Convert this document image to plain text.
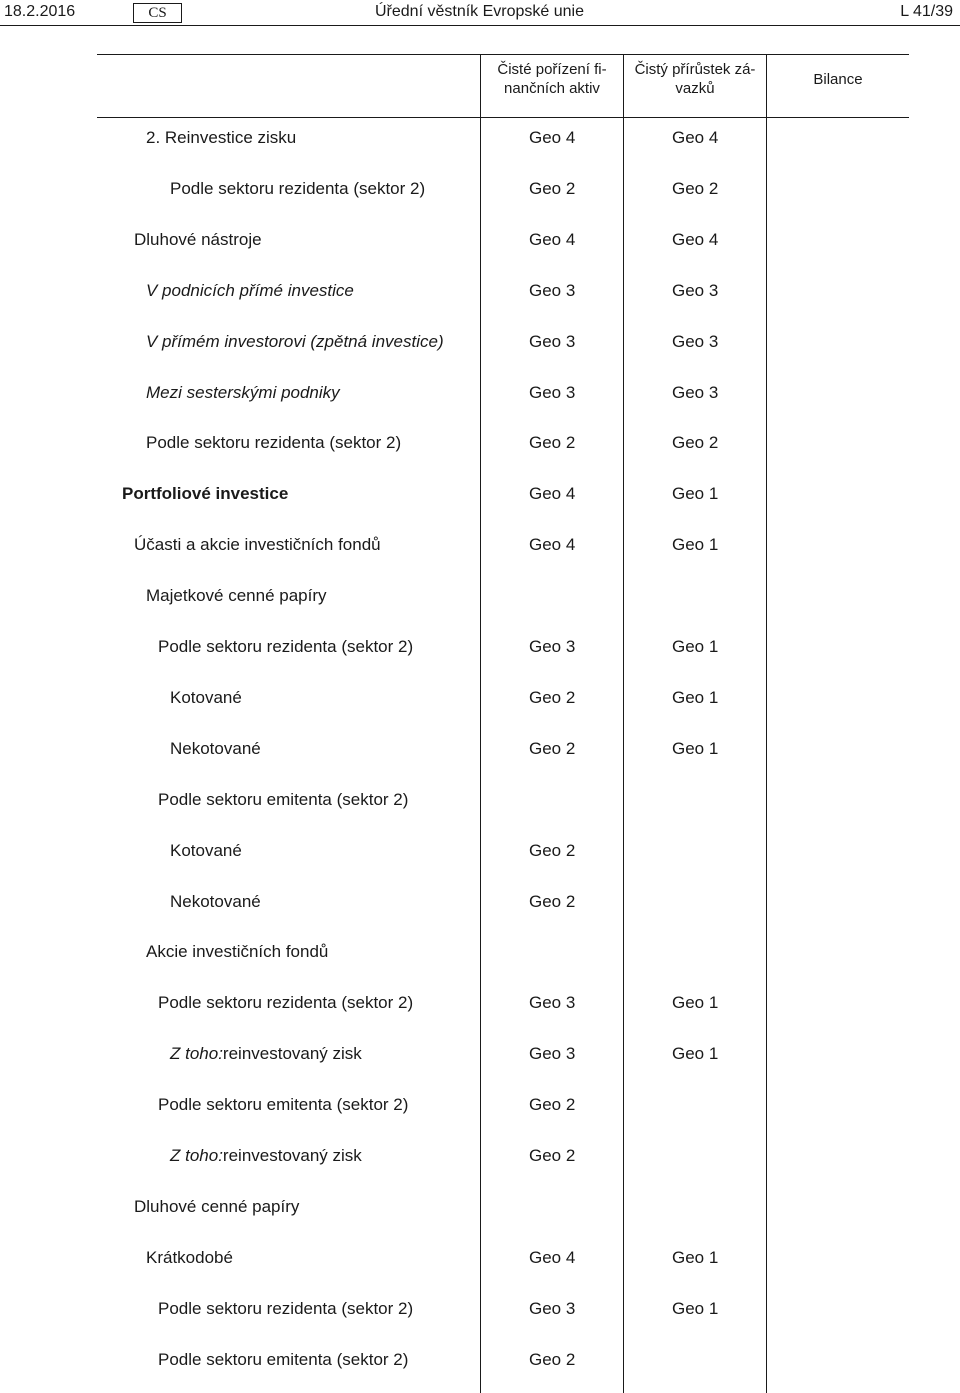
18.2.2016	CS	Úřední věstník Evropské unie	L 41/39
Čisté pořízení fi-
nančních aktiv
Čistý přírůstek zá-
vazků
Bilance
2. Reinvestice zisku	Geo 4	Geo 4
Podle sektoru rezidenta (sektor 2)	Geo 2	Geo 2
Dluhové nástroje	Geo 4	Geo 4
V podnicích přímé investice	Geo 3	Geo 3
V přímém investorovi (zpětná investice)	Geo 3	Geo 3
Mezi sesterskými podniky	Geo 3	Geo 3
Podle sektoru rezidenta (sektor 2)	Geo 2	Geo 2
Portfoliové investice	Geo 4	Geo 1
Účasti a akcie investičních fondů	Geo 4	Geo 1
Majetkové cenné papíry
Podle sektoru rezidenta (sektor 2)	Geo 3	Geo 1
Kotované	Geo 2	Geo 1
Nekotované	Geo 2	Geo 1
Podle sektoru emitenta (sektor 2)
Kotované	Geo 2
Nekotované	Geo 2
Akcie investičních fondů
Podle sektoru rezidenta (sektor 2)	Geo 3	Geo 1
Z toho:reinvestovaný zisk	Geo 3	Geo 1
Podle sektoru emitenta (sektor 2)	Geo 2
Z toho:reinvestovaný zisk	Geo 2
Dluhové cenné papíry
Krátkodobé	Geo 4	Geo 1
Podle sektoru rezidenta (sektor 2)	Geo 3	Geo 1
Podle sektoru emitenta (sektor 2)	Geo 2
